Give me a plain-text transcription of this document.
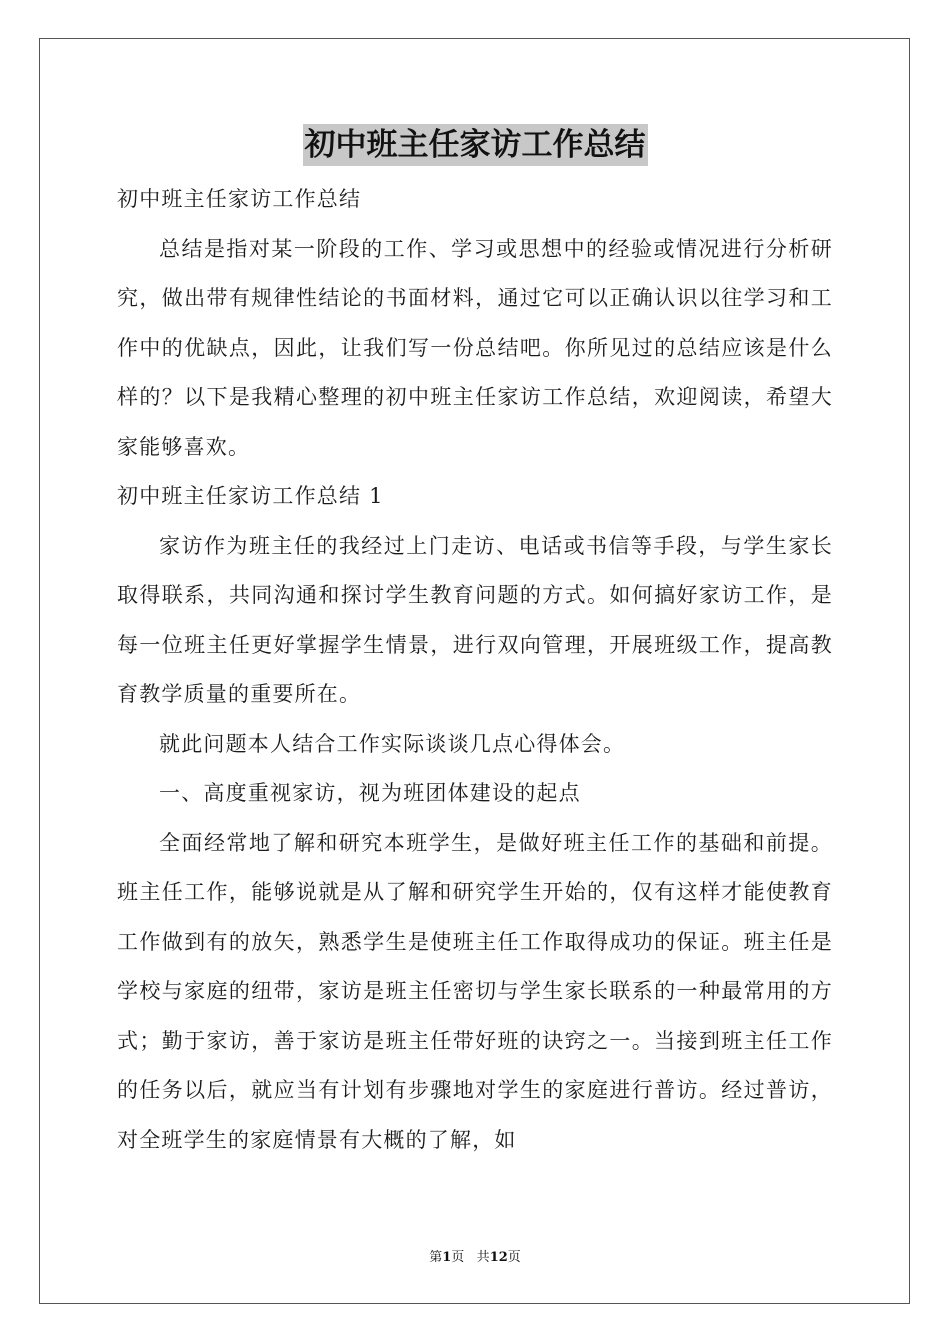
初中班主任家访工作总结

初中班主任家访工作总结

总结是指对某一阶段的工作、学习或思想中的经验或情况进行分析研究，做出带有规律性结论的书面材料，通过它可以正确认识以往学习和工作中的优缺点，因此，让我们写一份总结吧。你所见过的总结应该是什么样的？以下是我精心整理的初中班主任家访工作总结，欢迎阅读，希望大家能够喜欢。

初中班主任家访工作总结 1

家访作为班主任的我经过上门走访、电话或书信等手段，与学生家长取得联系，共同沟通和探讨学生教育问题的方式。如何搞好家访工作，是每一位班主任更好掌握学生情景，进行双向管理，开展班级工作，提高教育教学质量的重要所在。

就此问题本人结合工作实际谈谈几点心得体会。

一、高度重视家访，视为班团体建设的起点

全面经常地了解和研究本班学生，是做好班主任工作的基础和前提。班主任工作，能够说就是从了解和研究学生开始的，仅有这样才能使教育工作做到有的放矢，熟悉学生是使班主任工作取得成功的保证。班主任是学校与家庭的纽带，家访是班主任密切与学生家长联系的一种最常用的方式；勤于家访，善于家访是班主任带好班的诀窍之一。当接到班主任工作的任务以后，就应当有计划有步骤地对学生的家庭进行普访。经过普访，对全班学生的家庭情景有大概的了解，如

第1页 共12页
